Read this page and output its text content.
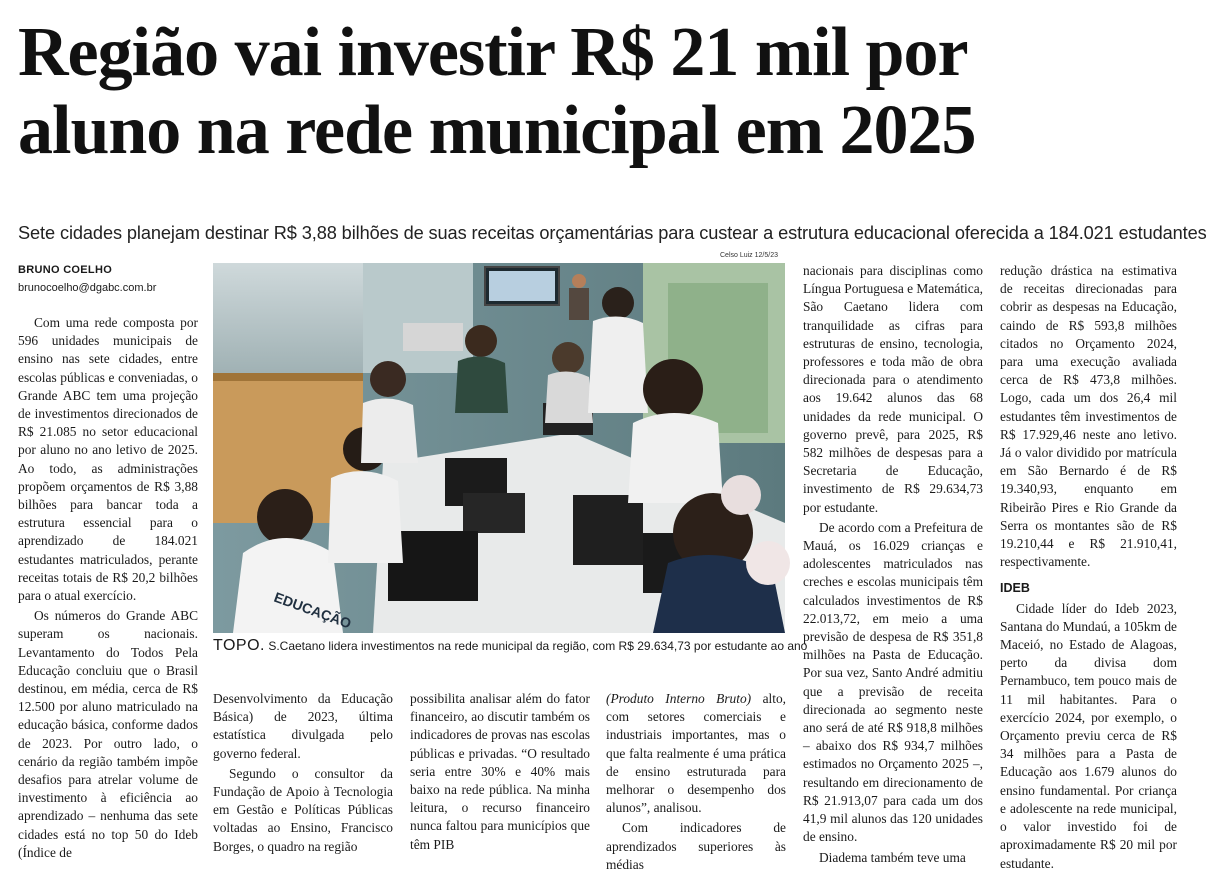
Região vai investir R$ 21 mil por
aluno na rede municipal em 2025
Sete cidades planejam destinar R$ 3,88 bilhões de suas receitas orçamentárias para custear a estrutura educacional oferecida a 184.021 estudantes
BRUNO COELHO
brunocoelho@dgabc.com.br

Com uma rede composta por 596 unidades municipais de ensino nas sete cidades, entre escolas públicas e conveniadas, o Grande ABC tem uma projeção de investimentos direcionados de R$ 21.085 no setor educacional por aluno no ano letivo de 2025. Ao todo, as administrações propõem orçamentos de R$ 3,88 bilhões para bancar toda a estrutura essencial para o aprendizado de 184.021 estudantes matriculados, perante receitas totais de R$ 20,2 bilhões para o atual exercício.

Os números do Grande ABC superam os nacionais. Levantamento do Todos Pela Educação concluiu que o Brasil destinou, em média, cerca de R$ 12.500 por aluno matriculado na educação básica, conforme dados de 2023. Por outro lado, o cenário da região também impõe desafios para atrelar volume de investimento à eficiência ao aprendizado – nenhuma das sete cidades está no top 50 do Ideb (Índice de

Celso Luiz 12/5/23
EDUCAÇÃO
TOPO. S.Caetano lidera investimentos na rede municipal da região, com R$ 29.634,73 por estudante ao ano

Desenvolvimento da Educação Básica) de 2023, última estatística divulgada pelo governo federal.

Segundo o consultor da Fundação de Apoio à Tecnologia em Gestão e Políticas Públicas voltadas ao Ensino, Francisco Borges, o quadro na região

possibilita analisar além do fator financeiro, ao discutir também os indicadores de provas nas escolas públicas e privadas. “O resultado seria entre 30% e 40% mais baixo na rede pública. Na minha leitura, o recurso financeiro nunca faltou para municípios que têm PIB

(Produto Interno Bruto) alto, com setores comerciais e industriais importantes, mas o que falta realmente é uma prática de ensino estruturada para melhorar o desempenho dos alunos”, analisou.

Com indicadores de aprendizados superiores às médias

nacionais para disciplinas como Língua Portuguesa e Matemática, São Caetano lidera com tranquilidade as cifras para estruturas de ensino, tecnologia, professores e toda mão de obra direcionada para o atendimento aos 19.642 alunos das 68 unidades da rede municipal. O governo prevê, para 2025, R$ 582 milhões de despesas para a Secretaria de Educação, investimento de R$ 29.634,73 por estudante.

De acordo com a Prefeitura de Mauá, os 16.029 crianças e adolescentes matriculados nas creches e escolas municipais têm calculados investimentos de R$ 22.013,72, em meio a uma previsão de despesa de R$ 351,8 milhões na Pasta de Educação. Por sua vez, Santo André admitiu que a previsão de receita direcionada ao segmento neste ano será de até R$ 918,8 milhões – abaixo dos R$ 934,7 milhões estimados no Orçamento 2025 –, resultando em direcionamento de R$ 21.913,07 para cada um dos 41,9 mil alunos das 120 unidades de ensino.

Diadema também teve uma

redução drástica na estimativa de receitas direcionadas para cobrir as despesas na Educação, caindo de R$ 593,8 milhões citados no Orçamento 2024, para uma execução avaliada cerca de R$ 473,8 milhões. Logo, cada um dos 26,4 mil estudantes têm investimentos de R$ 17.929,46 neste ano letivo. Já o valor dividido por matrícula em São Bernardo é de R$ 19.340,93, enquanto em Ribeirão Pires e Rio Grande da Serra os montantes são de R$ 19.210,44 e R$ 21.910,41, respectivamente.

IDEB

Cidade líder do Ideb 2023, Santana do Mundaú, a 105km de Maceió, no Estado de Alagoas, perto da divisa dom Pernambuco, tem pouco mais de 11 mil habitantes. Para o exercício 2024, por exemplo, o Orçamento previu cerca de R$ 34 milhões para a Pasta de Educação aos 1.679 alunos do ensino fundamental. Por criança e adolescente na rede municipal, o valor investido foi de aproximadamente R$ 20 mil por estudante.
